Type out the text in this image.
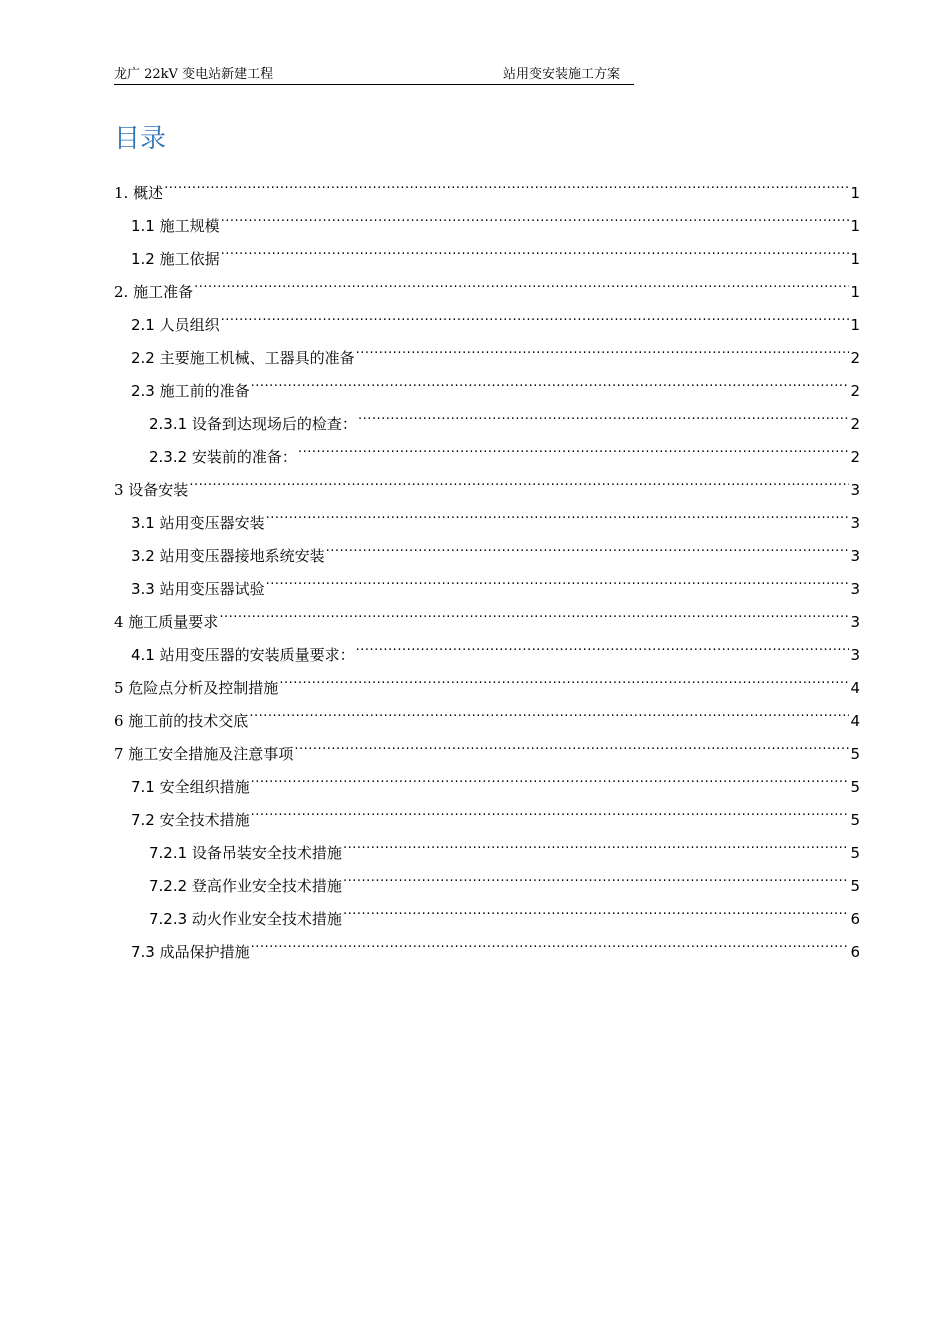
龙广 22kV 变电站新建工程	站用变安装施工方案
目录
1. 概述 .....	1
1.1 施工规模 .....	1
1.2 施工依据 .....	1
2. 施工准备 .....	1
2.1 人员组织 .....	1
2.2 主要施工机械、工器具的准备 .....	2
2.3 施工前的准备 .....	2
2.3.1 设备到达现场后的检查： .....	2
2.3.2 安装前的准备： .....	2
3 设备安装 .....	3
3.1 站用变压器安装 .....	3
3.2 站用变压器接地系统安装 .....	3
3.3 站用变压器试验 .....	3
4 施工质量要求 .....	3
4.1 站用变压器的安装质量要求： .....	3
5 危险点分析及控制措施 .....	4
6 施工前的技术交底 .....	4
7 施工安全措施及注意事项 .....	5
7.1 安全组织措施 .....	5
7.2 安全技术措施 .....	5
7.2.1 设备吊装安全技术措施 .....	5
7.2.2 登高作业安全技术措施 .....	5
7.2.3 动火作业安全技术措施 .....	6
7.3 成品保护措施 .....	6
